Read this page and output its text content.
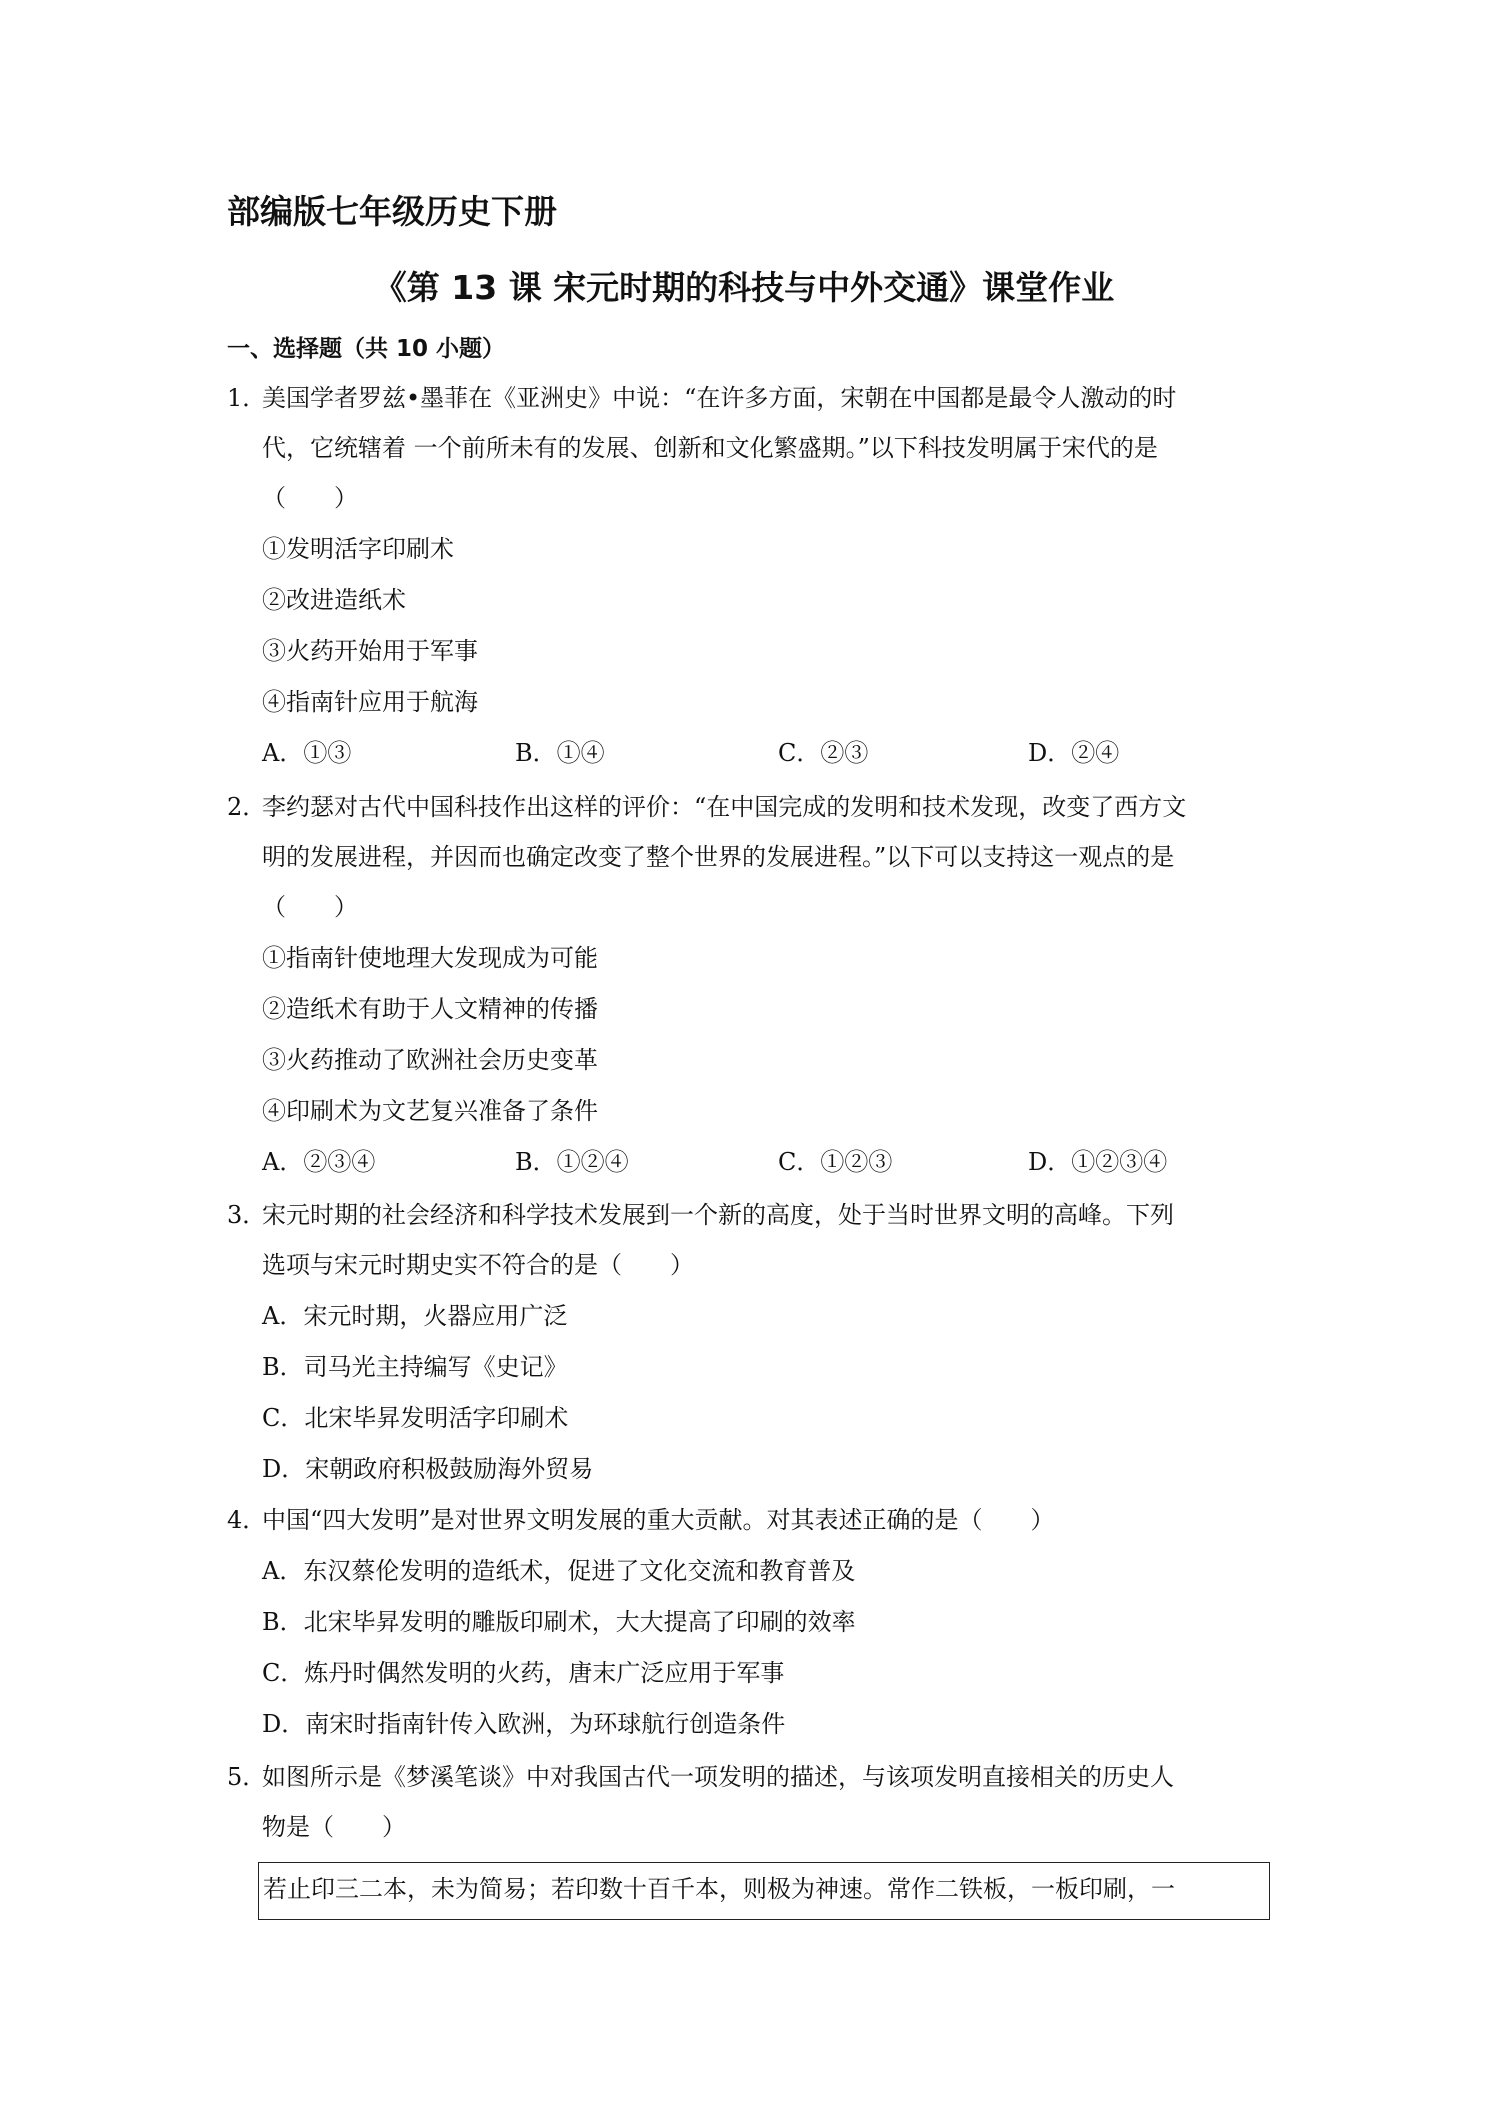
部编版七年级历史下册
《第 13 课 宋元时期的科技与中外交通》课堂作业
一、选择题（共 10 小题）
1．
美国学者罗兹•墨菲在《亚洲史》中说：“在许多方面，宋朝在中国都是最令人激动的时
代，它统辖着 一个前所未有的发展、创新和文化繁盛期。”以下科技发明属于宋代的是
（　　）
①发明活字印刷术
②改进造纸术
③火药开始用于军事
④指南针应用于航海
A．①③	B．①④	C．②③	D．②④
2．
李约瑟对古代中国科技作出这样的评价：“在中国完成的发明和技术发现，改变了西方文
明的发展进程，并因而也确定改变了整个世界的发展进程。”以下可以支持这一观点的是
（　　）
①指南针使地理大发现成为可能
②造纸术有助于人文精神的传播
③火药推动了欧洲社会历史变革
④印刷术为文艺复兴准备了条件
A．②③④	B．①②④	C．①②③	D．①②③④
3．
宋元时期的社会经济和科学技术发展到一个新的高度，处于当时世界文明的高峰。下列
选项与宋元时期史实不符合的是（　　）
A．宋元时期，火器应用广泛
B．司马光主持编写《史记》
C．北宋毕昇发明活字印刷术
D．宋朝政府积极鼓励海外贸易
4．
中国“四大发明”是对世界文明发展的重大贡献。对其表述正确的是（　　）
A．东汉蔡伦发明的造纸术，促进了文化交流和教育普及
B．北宋毕昇发明的雕版印刷术，大大提高了印刷的效率
C．炼丹时偶然发明的火药，唐末广泛应用于军事
D．南宋时指南针传入欧洲，为环球航行创造条件
5．
如图所示是《梦溪笔谈》中对我国古代一项发明的描述，与该项发明直接相关的历史人
物是（　　）
若止印三二本，未为简易；若印数十百千本，则极为神速。常作二铁板，一板印刷，一
